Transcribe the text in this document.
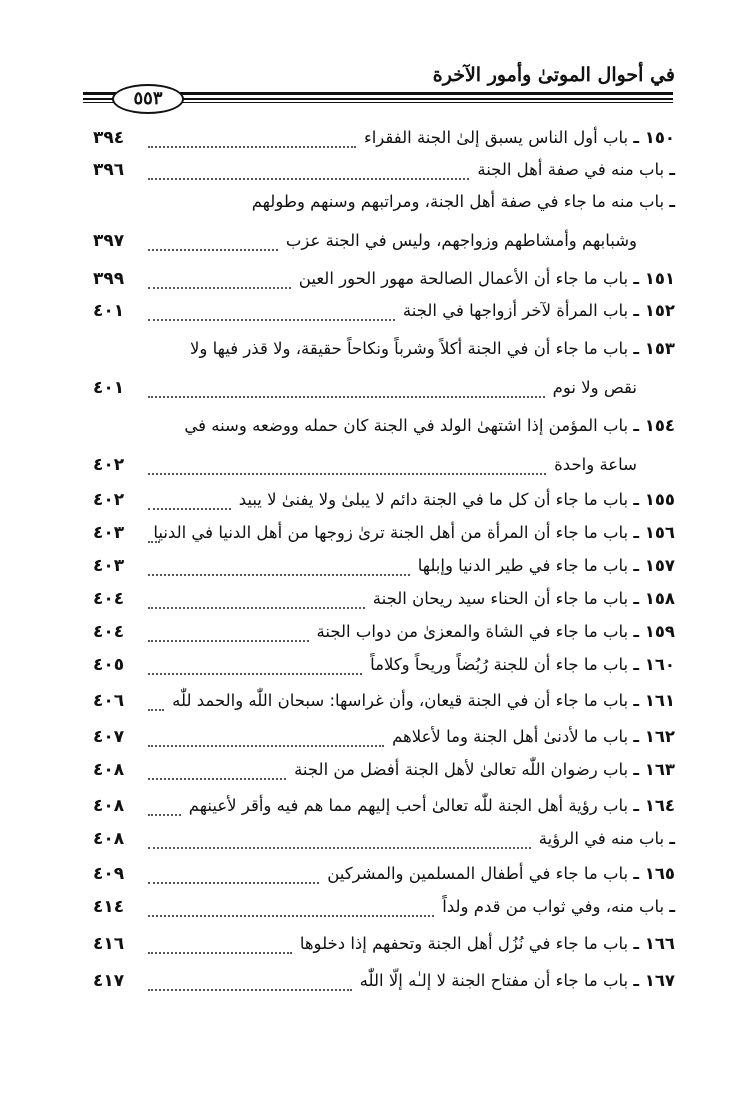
في أحوال الموتىٰ وأمور الآخرة
٥٥٣
١٥٠ ـ باب أول الناس يسبق إلىٰ الجنة الفقراء
٣٩٤
ـ باب منه في صفة أهل الجنة
٣٩٦
ـ باب منه ما جاء في صفة أهل الجنة، ومراتبهم وسنهم وطولهم
وشبابهم وأمشاطهم وزواجهم، وليس في الجنة عزب
٣٩٧
١٥١ ـ باب ما جاء أن الأعمال الصالحة مهور الحور العين
٣٩٩
١٥٢ ـ باب المرأة لآخر أزواجها في الجنة
٤٠١
١٥٣ ـ باب ما جاء أن في الجنة أكلاً وشرباً ونكاحاً حقيقة، ولا قذر فيها ولا
نقص ولا نوم
٤٠١
١٥٤ ـ باب المؤمن إذا اشتهىٰ الولد في الجنة كان حمله ووضعه وسنه في
ساعة واحدة
٤٠٢
١٥٥ ـ باب ما جاء أن كل ما في الجنة دائم لا يبلىٰ ولا يفنىٰ لا يبيد
٤٠٢
١٥٦ ـ باب ما جاء أن المرأة من أهل الجنة ترىٰ زوجها من أهل الدنيا في الدنيا
٤٠٣
١٥٧ ـ باب ما جاء في طير الدنيا وإبلها
٤٠٣
١٥٨ ـ باب ما جاء أن الحناء سيد ريحان الجنة
٤٠٤
١٥٩ ـ باب ما جاء في الشاة والمعزىٰ من دواب الجنة
٤٠٤
١٦٠ ـ باب ما جاء أن للجنة رُبُضاً وريحاً وكلاماً
٤٠٥
١٦١ ـ باب ما جاء أن في الجنة قيعان، وأن غراسها: سبحان اللّٰه والحمد للّٰه
٤٠٦
١٦٢ ـ باب ما لأدنىٰ أهل الجنة وما لأعلاهم
٤٠٧
١٦٣ ـ باب رضوان اللّٰه تعالىٰ لأهل الجنة أفضل من الجنة
٤٠٨
١٦٤ ـ باب رؤية أهل الجنة للّٰه تعالىٰ أحب إليهم مما هم فيه وأقر لأعينهم
٤٠٨
ـ باب منه في الرؤية
٤٠٨
١٦٥ ـ باب ما جاء في أطفال المسلمين والمشركين
٤٠٩
ـ باب منه، وفي ثواب من قدم ولداً
٤١٤
١٦٦ ـ باب ما جاء في نُزُل أهل الجنة وتحفهم إذا دخلوها
٤١٦
١٦٧ ـ باب ما جاء أن مفتاح الجنة لا إلـٰه إلّا اللّٰه
٤١٧
